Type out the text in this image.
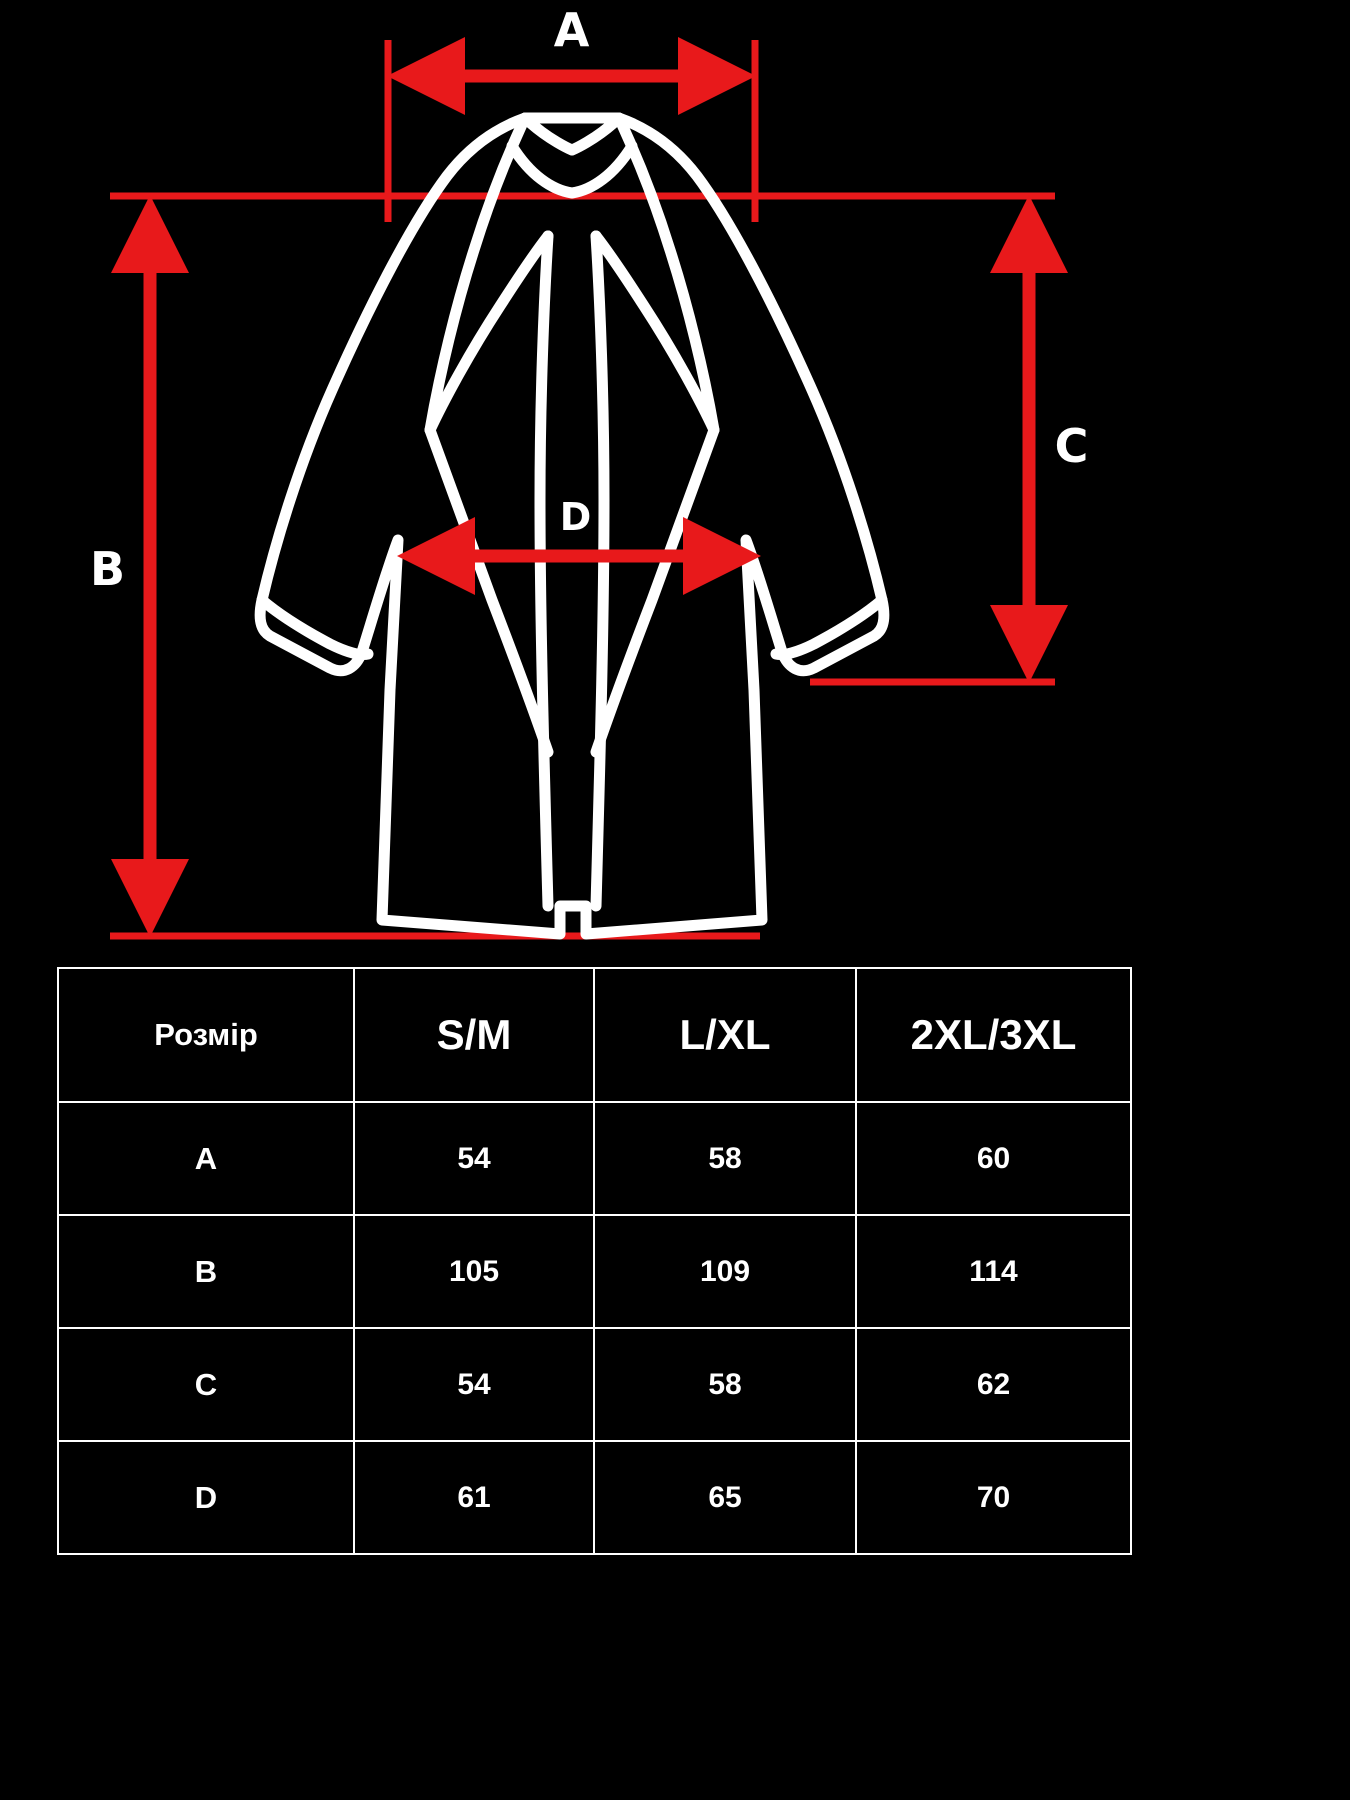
A
B
C
D
Розмір	S/M	L/XL	2XL/3XL
A	54	58	60
B	105	109	114
C	54	58	62
D	61	65	70
